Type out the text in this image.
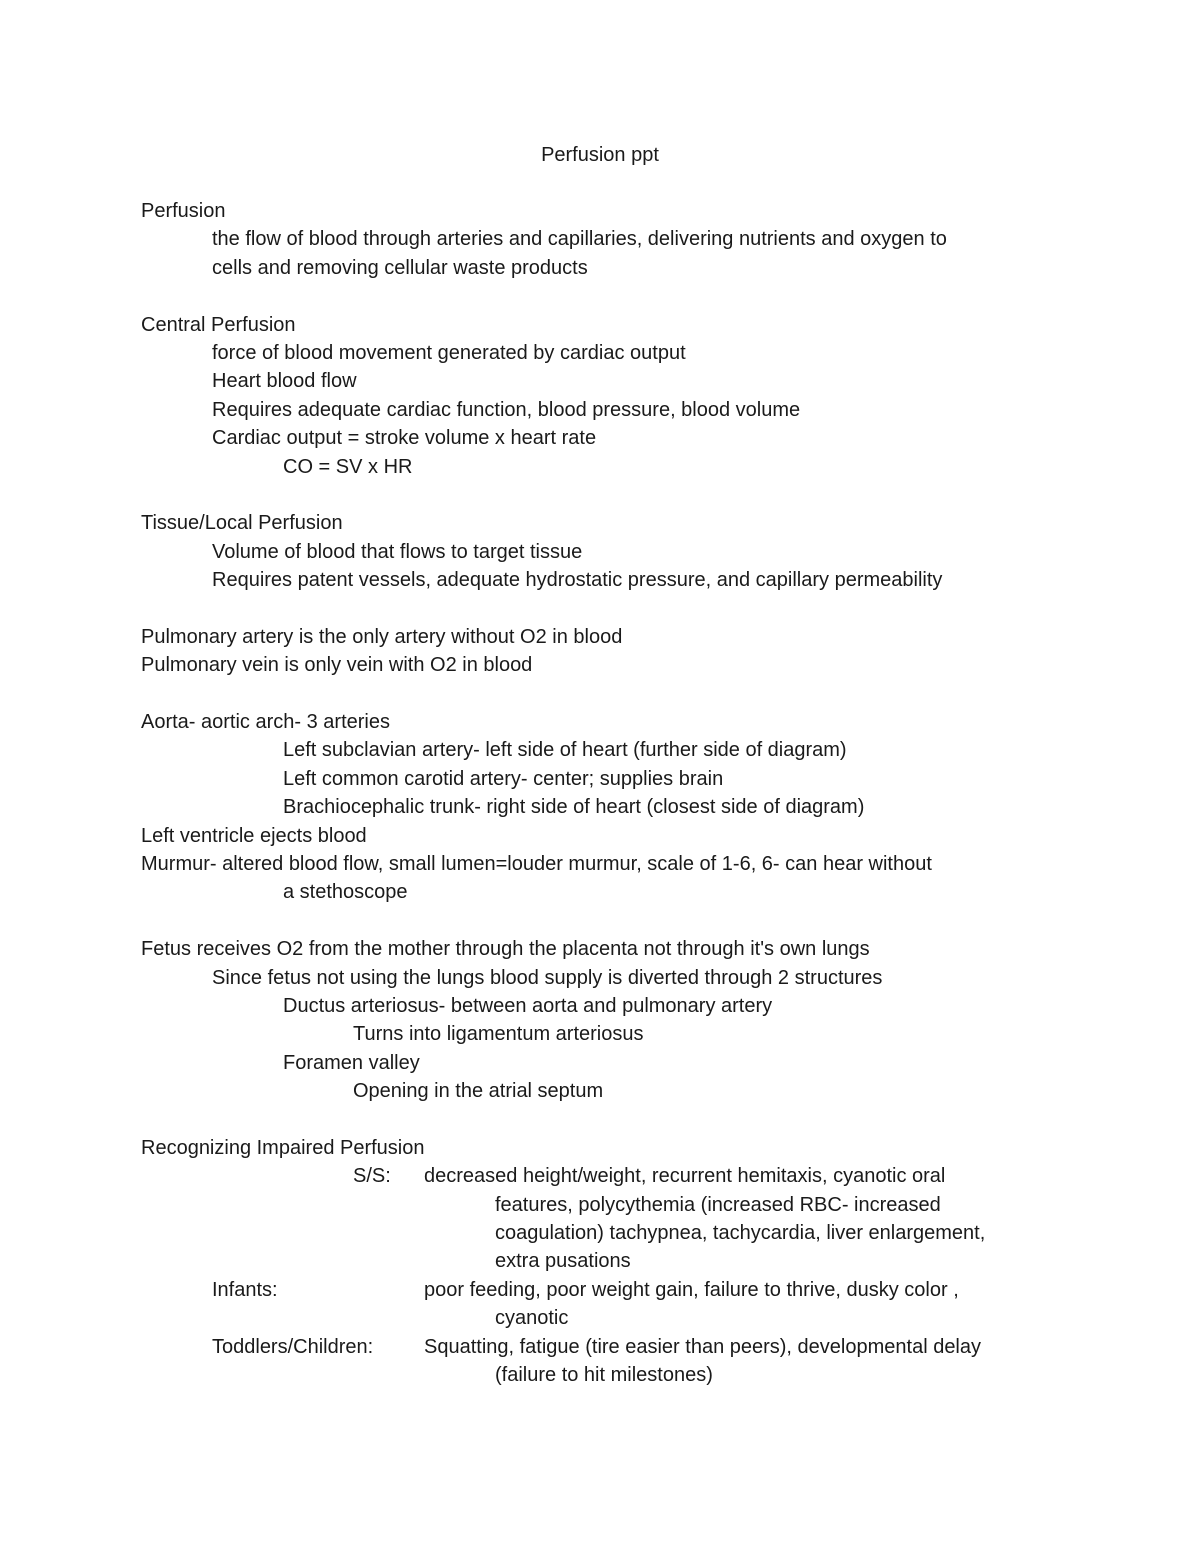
Perfusion ppt
Perfusion
the flow of blood through arteries and capillaries, delivering nutrients and oxygen to
cells and removing cellular waste products
Central Perfusion
force of blood movement generated by cardiac output
Heart blood flow
Requires adequate cardiac function, blood pressure, blood volume
Cardiac output = stroke volume x heart rate
CO = SV x HR
Tissue/Local Perfusion
Volume of blood that flows to target tissue
Requires patent vessels, adequate hydrostatic pressure, and capillary permeability
Pulmonary artery is the only artery without O2 in blood
Pulmonary vein is only vein with O2 in blood
Aorta- aortic arch- 3 arteries
Left subclavian artery- left side of heart (further side of diagram)
Left common carotid artery- center; supplies brain
Brachiocephalic trunk- right side of heart (closest side of diagram)
Left ventricle ejects blood
Murmur- altered blood flow, small lumen=louder murmur, scale of 1-6, 6- can hear without
a stethoscope
Fetus receives O2 from the mother through the placenta not through it's own lungs
Since fetus not using the lungs blood supply is diverted through 2 structures
Ductus arteriosus- between aorta and pulmonary artery
Turns into ligamentum arteriosus
Foramen valley
Opening in the atrial septum
Recognizing Impaired Perfusion
S/S: decreased height/weight, recurrent hemitaxis, cyanotic oral
features, polycythemia (increased RBC- increased
coagulation) tachypnea, tachycardia, liver enlargement,
extra pusations
Infants:	poor feeding, poor weight gain, failure to thrive, dusky color ,
cyanotic
Toddlers/Children:	Squatting, fatigue (tire easier than peers), developmental delay
(failure to hit milestones)
